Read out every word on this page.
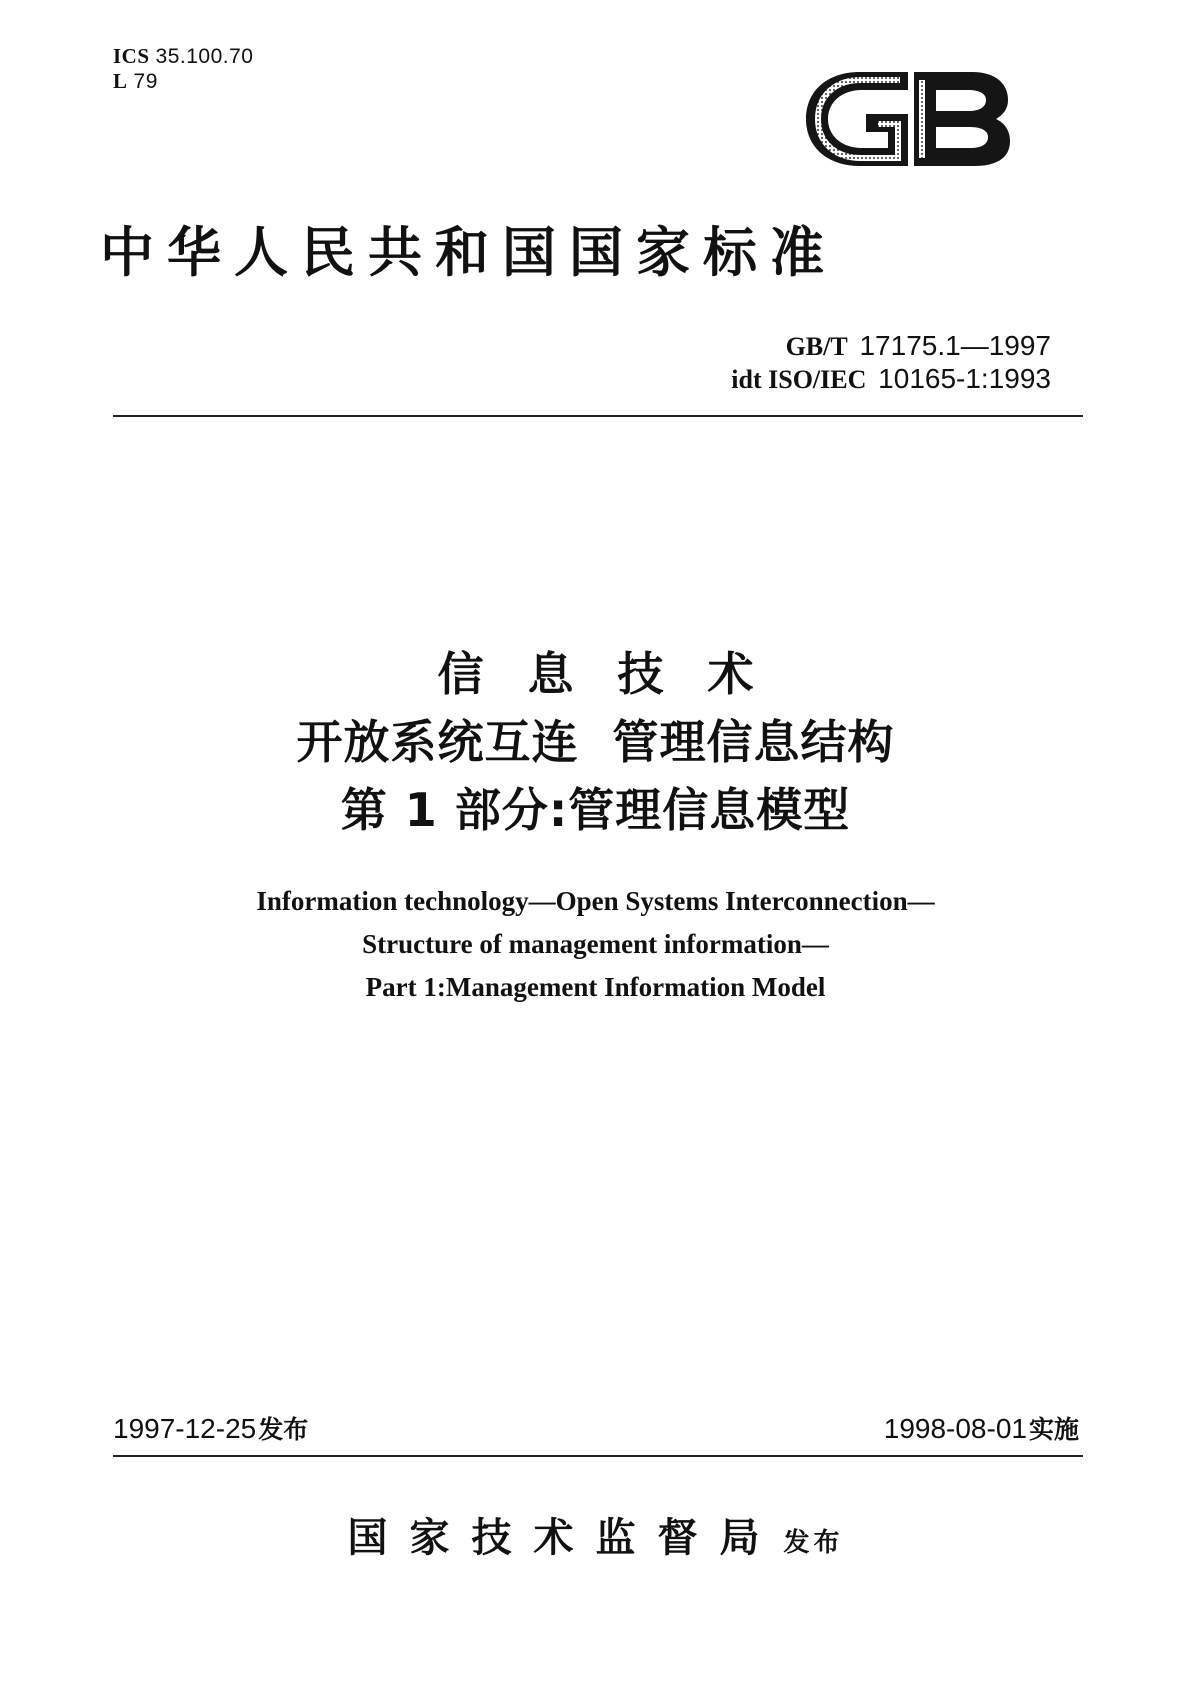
ICS 35.100.70
L 79
中华人民共和国国家标准
GB/T 17175.1—1997
idt ISO/IEC 10165-1:1993
信息技术
开放系统互连  管理信息结构
第 1 部分:管理信息模型
Information technology—Open Systems Interconnection—
Structure of management information—
Part 1:Management Information Model
1997-12-25发布	1998-08-01实施
国家技术监督局发布
